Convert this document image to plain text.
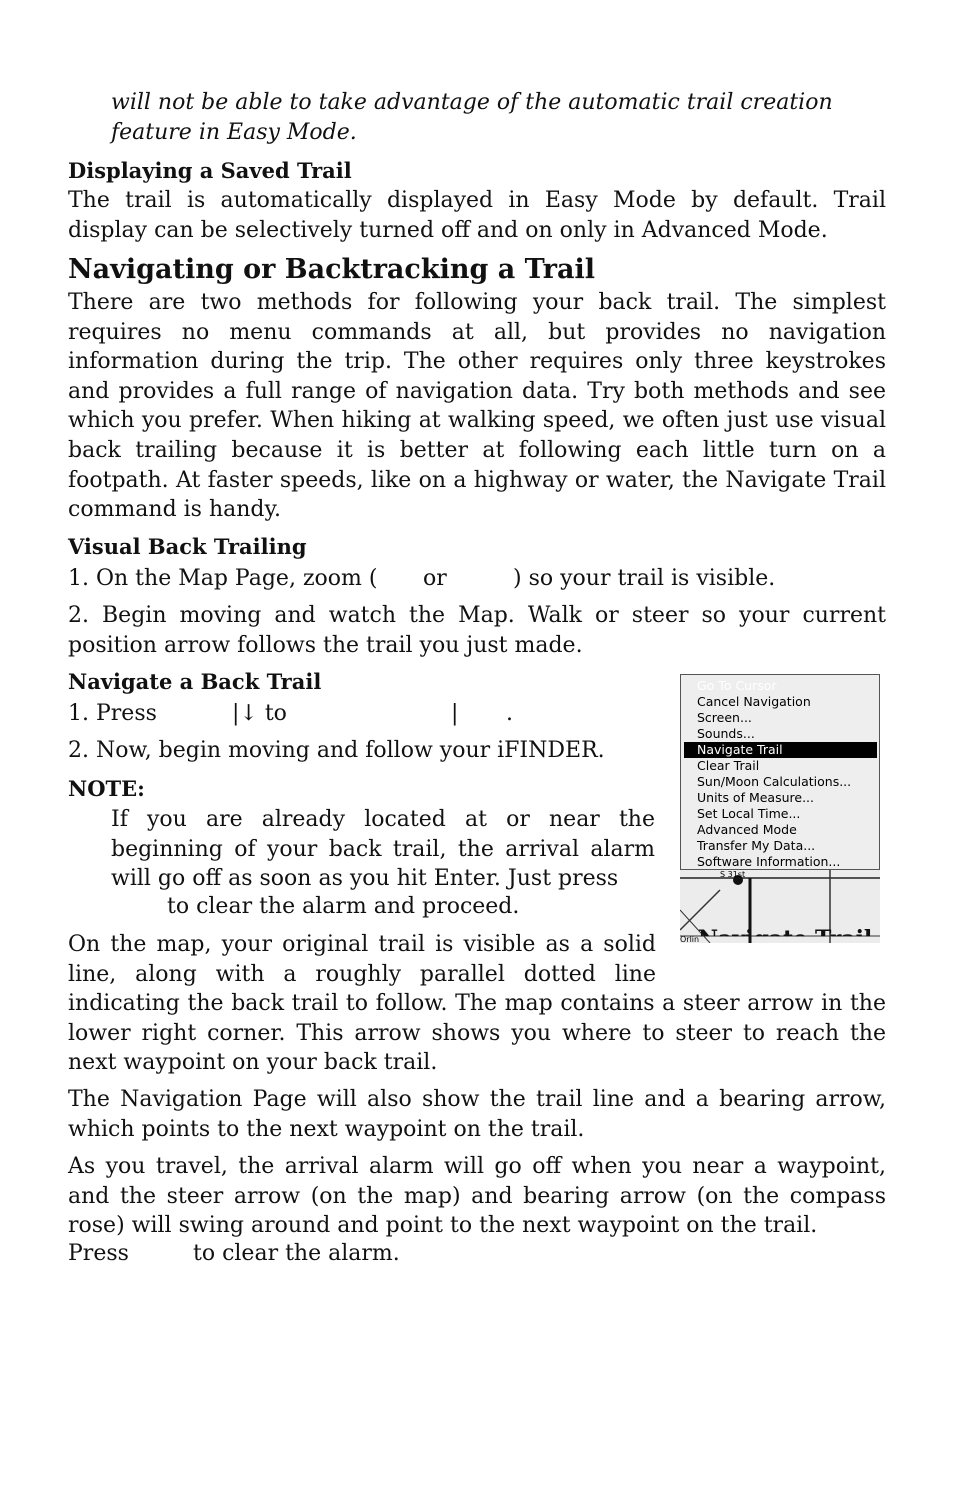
will not be able to take advantage of the automatic trail creation

feature in Easy Mode.

Displaying a Saved Trail

The trail is automatically displayed in Easy Mode by default. Trail display can be selectively turned off and on only in Advanced Mode.

Navigating or Backtracking a Trail

There are two methods for following your back trail. The simplest requires no menu commands at all, but provides no navigation information during the trip. The other requires only three keystrokes and provides a full range of navigation data. Try both methods and see which you prefer. When hiking at walking speed, we often just use visual back trailing because it is better at following each little turn on a footpath. At faster speeds, like on a highway or water, the Navigate Trail command is handy.

Visual Back Trailing
1. On the Map Page, zoom ( or	) so your trail is visible.

2. Begin moving and watch the Map. Walk or steer so your current position arrow follows the trail you just made.

Navigate a Back Trail
1. Press	|↓ to	| .

2. Now, begin moving and follow your iFINDER.

NOTE:

If you are already located at or near the beginning of your back trail, the arrival alarm will go off as soon as you hit Enter. Just press

to clear the alarm and proceed.

On the map, your original trail is visible as a solid line, along with a roughly parallel dotted line

indicating the back trail to follow. The map contains a steer arrow in the lower right corner. This arrow shows you where to steer to reach the next waypoint on your back trail.

The Navigation Page will also show the trail line and a bearing arrow, which points to the next waypoint on the trail.

As you travel, the arrival alarm will go off when you near a waypoint, and the steer arrow (on the map) and bearing arrow (on the compass rose) will swing around and point to the next waypoint on the trail.

Press	to clear the alarm.

Go To Cursor
Cancel Navigation
Screen...
Sounds...
Navigate Trail
Clear Trail
Sun/Moon Calculations...
Units of Measure...
Set Local Time...
Advanced Mode
Transfer My Data...
Software Information...
S 31st
Orlin
